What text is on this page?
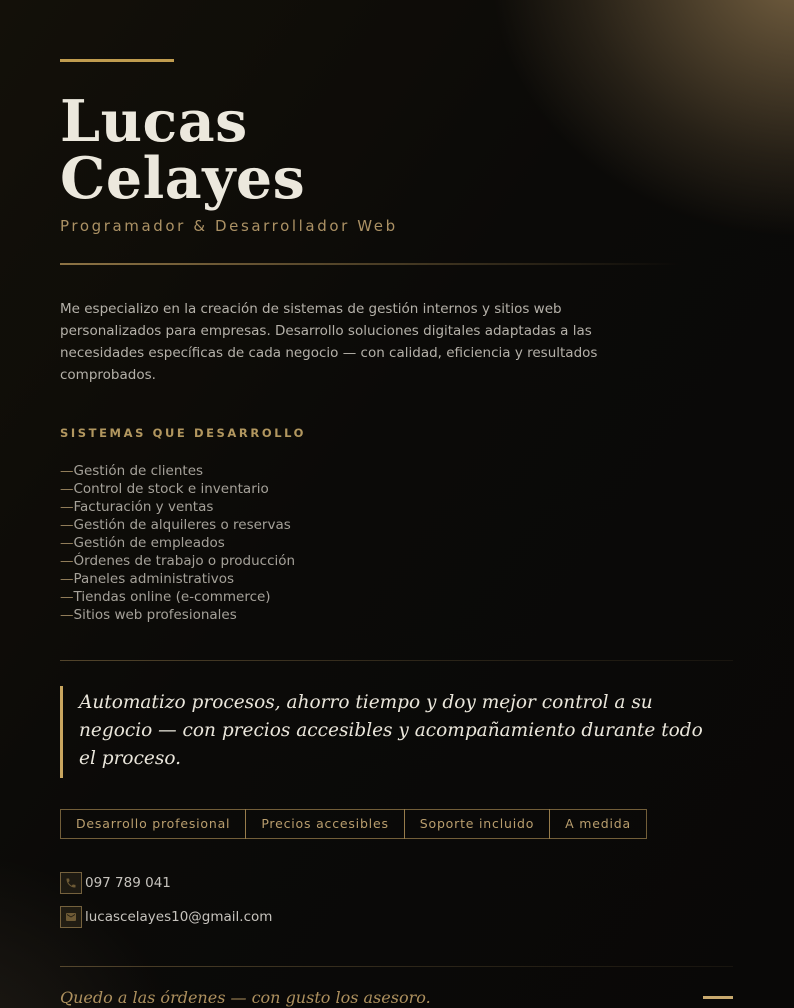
Lucas
Celayes
Programador & Desarrollador Web

Me especializo en la creación de sistemas de gestión internos y sitios web personalizados para empresas. Desarrollo soluciones digitales adaptadas a las necesidades específicas de cada negocio — con calidad, eficiencia y resultados comprobados.

SISTEMAS QUE DESARROLLO
—Gestión de clientes
—Control de stock e inventario
—Facturación y ventas
—Gestión de alquileres o reservas
—Gestión de empleados
—Órdenes de trabajo o producción
—Paneles administrativos
—Tiendas online (e-commerce)
—Sitios web profesionales
Automatizo procesos, ahorro tiempo y doy mejor control a su negocio — con precios accesibles y acompañamiento durante todo el proceso.
Desarrollo profesional	Precios accesibles	Soporte incluido	A medida
097 789 041
lucascelayes10@gmail.com
Quedo a las órdenes — con gusto los asesoro.
